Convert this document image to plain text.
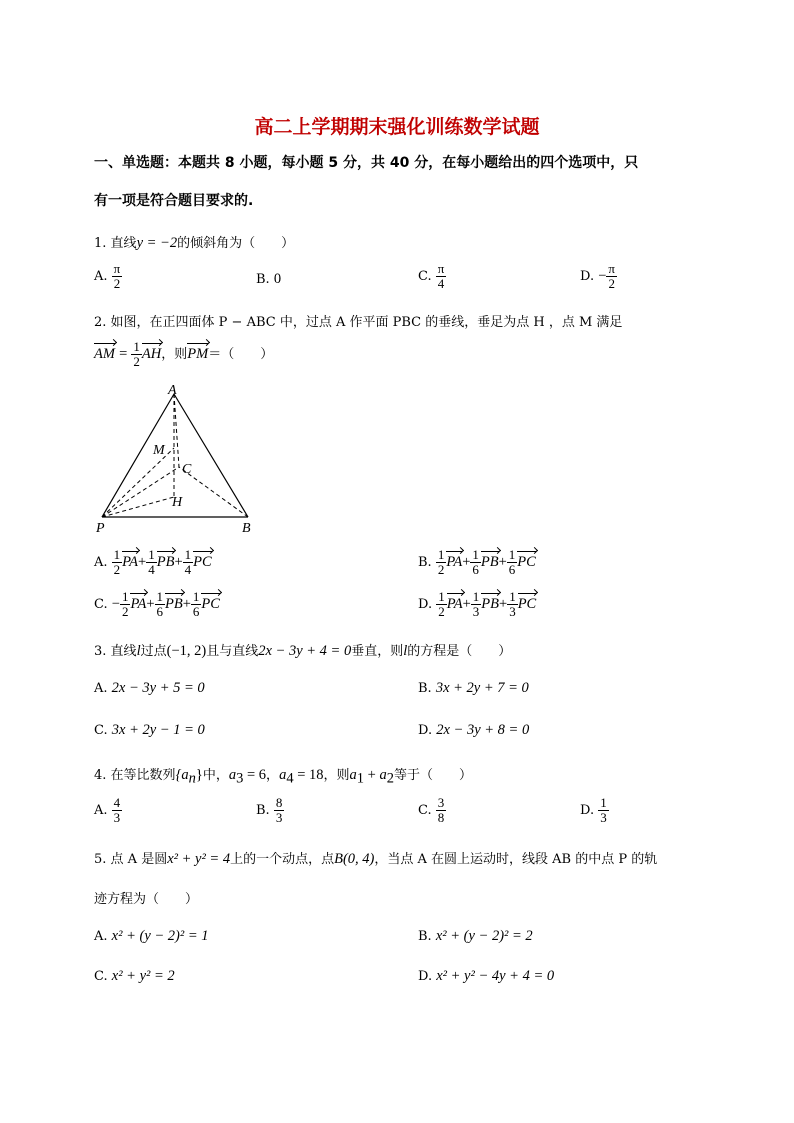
高二上学期期末强化训练数学试题
一、单选题：本题共 8 小题，每小题 5 分，共 40 分，在每小题给出的四个选项中，只
有一项是符合题目要求的.
1. 直线y = −2的倾斜角为（　　）
A. $\frac{\pi}{2}$	B. 0	C. $\frac{\pi}{4}$	D. − $\frac{\pi}{2}$
2. 如图，在正四面体 P − ABC 中，过点 A 作平面 PBC 的垂线，垂足为点 H ，点 M 满足
AM = $\frac{1}{2}$ AH，则PM＝（　　）
A
M
C
H
P	B
A. $\frac{1}{2} PA+ \frac{1}{4} PB+ \frac{1}{4}$ PC	B. $\frac{1}{2} PA+ \frac{1}{6} PB+ \frac{1}{6}$ PC
C. − $\frac{1}{2} PA+ \frac{1}{6} PB+ \frac{1}{6}$ PC	D. $\frac{1}{2} PA+ \frac{1}{3} PB+ \frac{1}{3}$ PC
3. 直线l过点(−1, 2)且与直线2x − 3y + 4 = 0垂直，则l的方程是（　　）
A. 2x − 3y + 5 = 0	B. 3x + 2y + 7 = 0
C. 3x + 2y − 1 = 0	D. 2x − 3y + 8 = 0
4. 在等比数列$\{a_n\}$中，$a_3 = 6$，$a_4 = 18$，则$a_1 + a_2$等于（　　）
A. $\frac{4}{3}$	B. $\frac{8}{3}$	C. $\frac{3}{8}$	D. $\frac{1}{3}$
5. 点 A 是圆x² + y² = 4上的一个动点，点B(0, 4)，当点 A 在圆上运动时，线段 AB 的中点 P 的轨
迹方程为（　　）
A. x² + (y − 2)² = 1	B. x² + (y − 2)² = 2
C. x² + y² = 2	D. x² + y² − 4y + 4 = 0
